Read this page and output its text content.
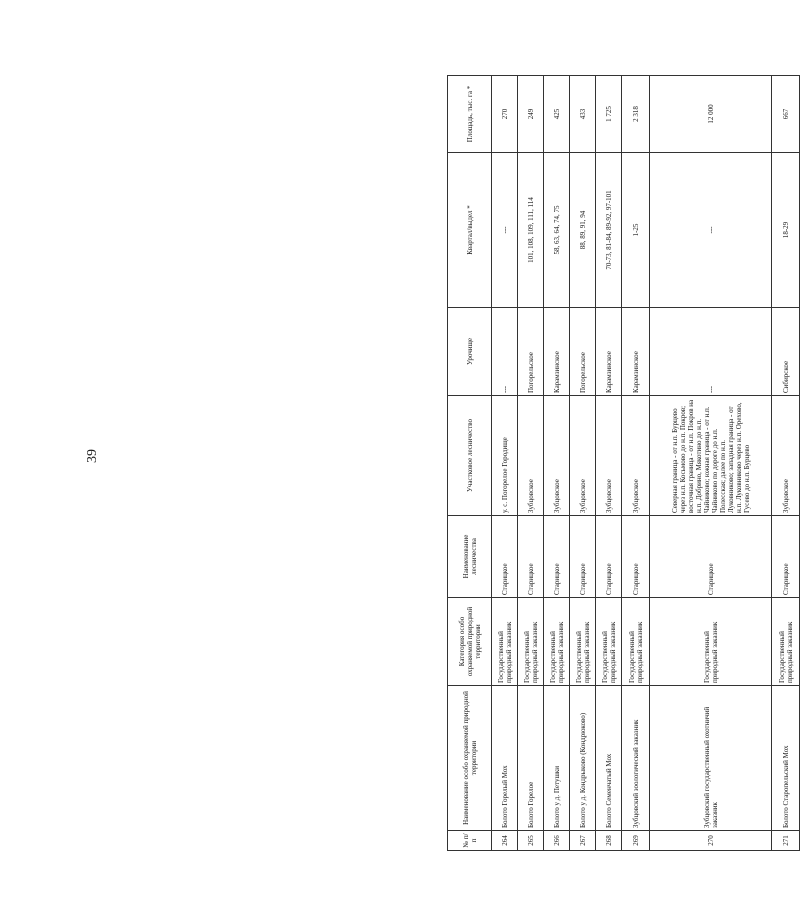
39
№ п/п	Наименование особо охраняемой природной территории	Категория особо охраняемой природной территории	Наименование лесничества	Участковое лесничество	Урочище	Квартал/выдел *	Площадь, тыс. га *
264	Болото Горелый Мох	Государственный природный заказник	Старицкое	у. с. Погорелое Городище	---	---	270
265	Болото Горелое	Государственный природный заказник	Старицкое	Зубцовское	Погорельское	101, 108, 109, 111, 114	249
266	Болото у д. Петушки	Государственный природный заказник	Старицкое	Зубцовское	Карамзинское	58, 63, 64, 74, 75	425
267	Болото у д. Кондрыково (Кондрюково)	Государственный природный заказник	Старицкое	Зубцовское	Погорельское	88, 89, 91, 94	433
268	Болото Семенчатый Мох	Государственный природный заказник	Старицкое	Зубцовское	Карамзинское	70-73, 81-84, 89-92, 97-101	1 725
269	Зубцовский зоологический заказник	Государственный природный заказник	Старицкое	Зубцовское	Карамзинское	1-25	2 318
270	Зубцовский государственный охотничий заказник	Государственный природный заказник	Старицкое	Северная граница - от н.п. Бурцево через н.п. Косьмово до н.п. Покров; восточная граница - от н.п. Покров на н.п. Добрино, Мякотино до н.п. Чайниково; южная граница - от н.п. Чайниково по дороге до н.п. Полесская; далее по н.п. Луковниково; западная граница - от н.п. Луковниково через н.п. Орехово, Гусево до н.п. Бурцево	---	---	12 000
271	Болото Старопельский Мох	Государственный природный заказник	Старицкое	Зубцовское	Сибирское	18-29	667
